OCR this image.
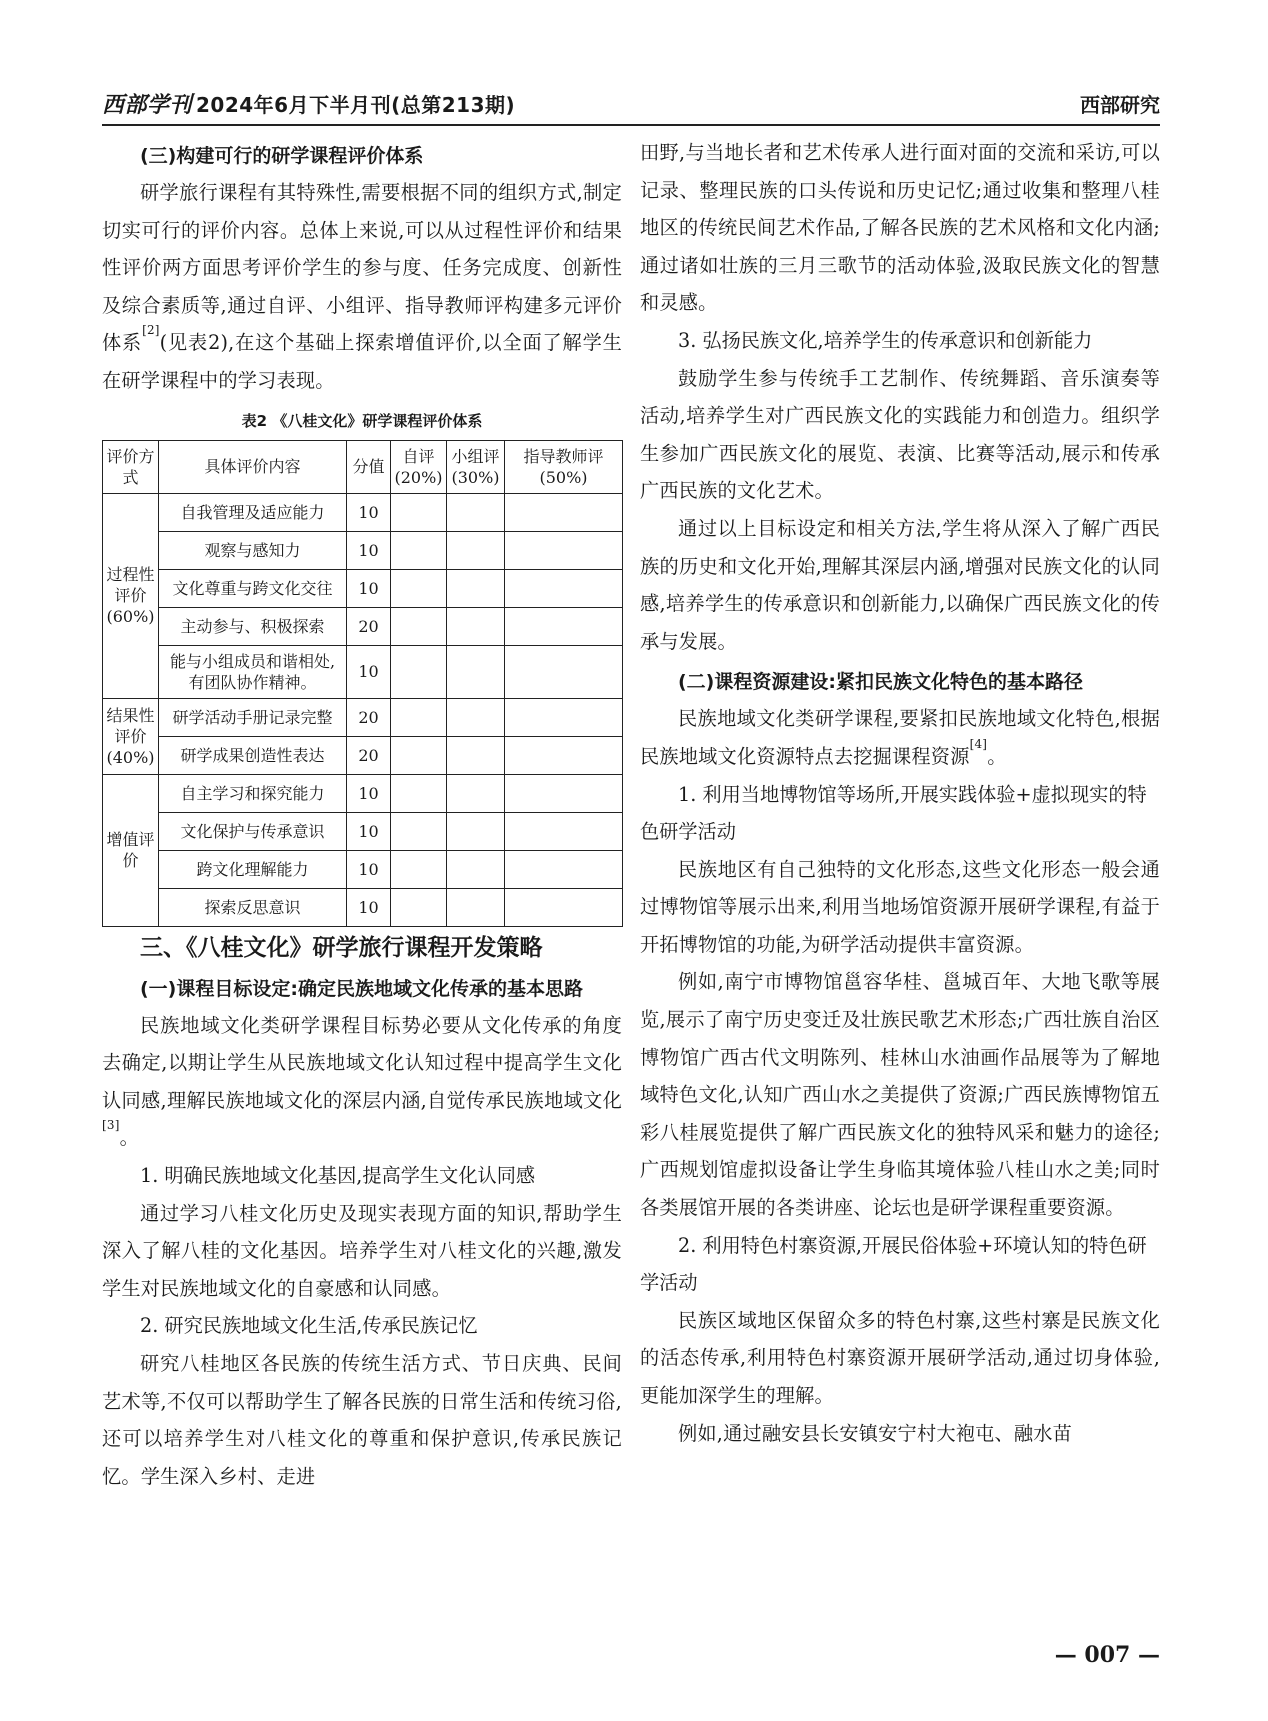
西部学刊 2024年6月下半月刊(总第213期)	西部研究
(三)构建可行的研学课程评价体系

研学旅行课程有其特殊性,需要根据不同的组织方式,制定切实可行的评价内容。总体上来说,可以从过程性评价和结果性评价两方面思考评价学生的参与度、任务完成度、创新性及综合素质等,通过自评、小组评、指导教师评构建多元评价体系[2](见表2),在这个基础上探索增值评价,以全面了解学生在研学课程中的学习表现。

表2 《八桂文化》研学课程评价体系
评价方式	具体评价内容	分值	自评(20%)	小组评(30%)	指导教师评(50%)
过程性评价(60%)	自我管理及适应能力	10			
	观察与感知力	10			
	文化尊重与跨文化交往	10			
	主动参与、积极探索	20			
	能与小组成员和谐相处,有团队协作精神。	10			
结果性评价(40%)	研学活动手册记录完整	20			
	研学成果创造性表达	20			
增值评价	自主学习和探究能力	10			
	文化保护与传承意识	10			
	跨文化理解能力	10			
	探索反思意识	10			
三、《八桂文化》研学旅行课程开发策略
(一)课程目标设定:确定民族地域文化传承的基本思路

民族地域文化类研学课程目标势必要从文化传承的角度去确定,以期让学生从民族地域文化认知过程中提高学生文化认同感,理解民族地域文化的深层内涵,自觉传承民族地域文化[3]。

1. 明确民族地域文化基因,提高学生文化认同感

通过学习八桂文化历史及现实表现方面的知识,帮助学生深入了解八桂的文化基因。培养学生对八桂文化的兴趣,激发学生对民族地域文化的自豪感和认同感。

2. 研究民族地域文化生活,传承民族记忆

研究八桂地区各民族的传统生活方式、节日庆典、民间艺术等,不仅可以帮助学生了解各民族的日常生活和传统习俗,还可以培养学生对八桂文化的尊重和保护意识,传承民族记忆。学生深入乡村、走进

田野,与当地长者和艺术传承人进行面对面的交流和采访,可以记录、整理民族的口头传说和历史记忆;通过收集和整理八桂地区的传统民间艺术作品,了解各民族的艺术风格和文化内涵;通过诸如壮族的三月三歌节的活动体验,汲取民族文化的智慧和灵感。

3. 弘扬民族文化,培养学生的传承意识和创新能力

鼓励学生参与传统手工艺制作、传统舞蹈、音乐演奏等活动,培养学生对广西民族文化的实践能力和创造力。组织学生参加广西民族文化的展览、表演、比赛等活动,展示和传承广西民族的文化艺术。

通过以上目标设定和相关方法,学生将从深入了解广西民族的历史和文化开始,理解其深层内涵,增强对民族文化的认同感,培养学生的传承意识和创新能力,以确保广西民族文化的传承与发展。

(二)课程资源建设:紧扣民族文化特色的基本路径

民族地域文化类研学课程,要紧扣民族地域文化特色,根据民族地域文化资源特点去挖掘课程资源[4]。

1. 利用当地博物馆等场所,开展实践体验+虚拟现实的特色研学活动

民族地区有自己独特的文化形态,这些文化形态一般会通过博物馆等展示出来,利用当地场馆资源开展研学课程,有益于开拓博物馆的功能,为研学活动提供丰富资源。

例如,南宁市博物馆邕容华桂、邕城百年、大地飞歌等展览,展示了南宁历史变迁及壮族民歌艺术形态;广西壮族自治区博物馆广西古代文明陈列、桂林山水油画作品展等为了解地域特色文化,认知广西山水之美提供了资源;广西民族博物馆五彩八桂展览提供了解广西民族文化的独特风采和魅力的途径;广西规划馆虚拟设备让学生身临其境体验八桂山水之美;同时各类展馆开展的各类讲座、论坛也是研学课程重要资源。

2. 利用特色村寨资源,开展民俗体验+环境认知的特色研学活动

民族区域地区保留众多的特色村寨,这些村寨是民族文化的活态传承,利用特色村寨资源开展研学活动,通过切身体验,更能加深学生的理解。

例如,通过融安县长安镇安宁村大袍屯、融水苗

— 007 —
